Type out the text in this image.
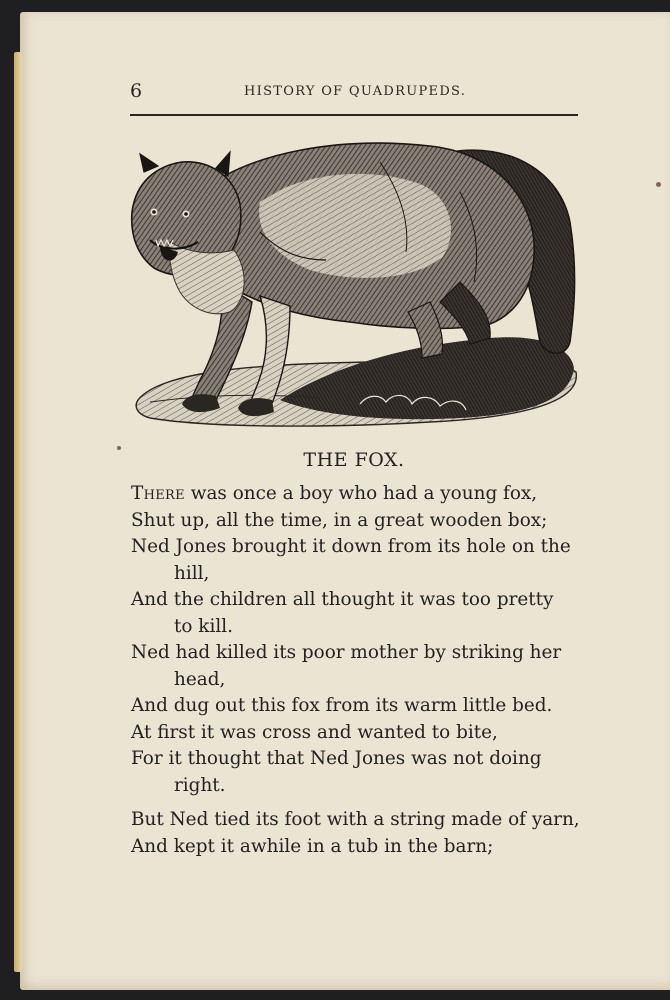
6	HISTORY OF QUADRUPEDS.
THE FOX.
There was once a boy who had a young fox,
Shut up, all the time, in a great wooden box;
Ned Jones brought it down from its hole on the
hill,
And the children all thought it was too pretty
to kill.
Ned had killed its poor mother by striking her
head,
And dug out this fox from its warm little bed.
At first it was cross and wanted to bite,
For it thought that Ned Jones was not doing
right.
But Ned tied its foot with a string made of yarn,
And kept it awhile in a tub in the barn;
